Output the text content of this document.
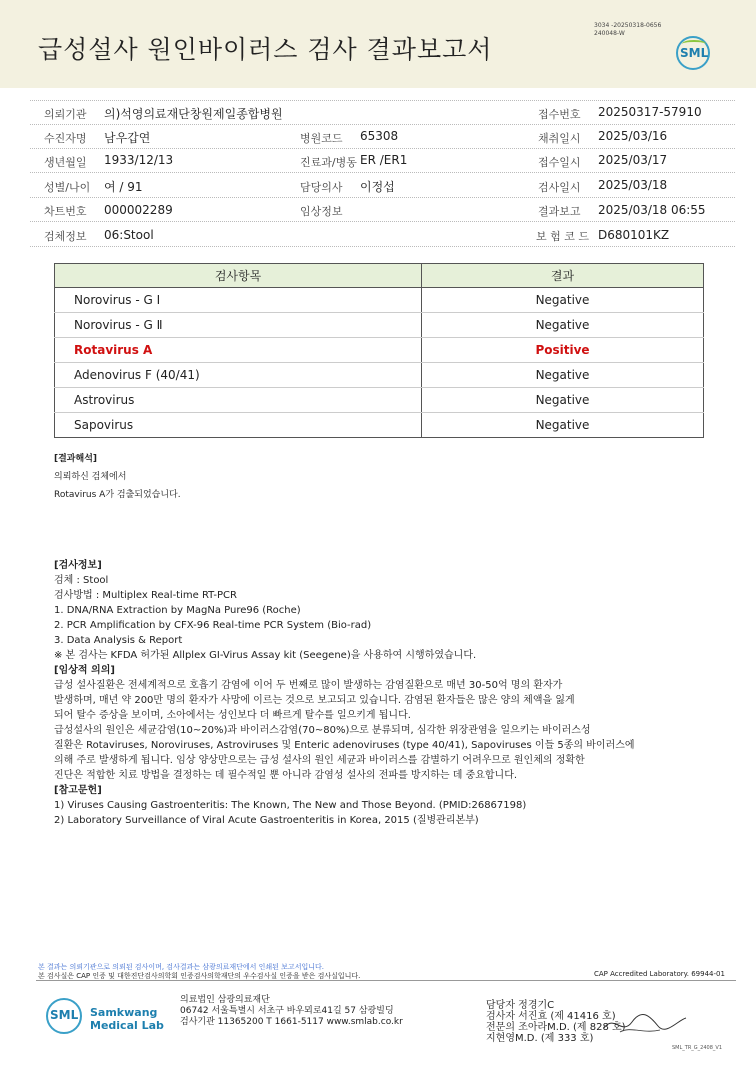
급성설사 원인바이러스 검사 결과보고서
3034 -20250318-0656
240048-W
SML
의뢰기관 의)석영의료재단창원제일종합병원	접수번호 20250317-57910
수진자명 남우갑연	병원코드 65308	채취일시 2025/03/16
생년월일 1933/12/13	진료과/병동 ER /ER1	접수일시 2025/03/17
성별/나이 여 / 91	담당의사 이정섭	검사일시 2025/03/18
차트번호 000002289	임상정보	결과보고 2025/03/18 06:55
검체정보 06:Stool	보 험 코 드 D680101KZ
검사항목	결과
Norovirus - G Ⅰ	Negative
Norovirus - G Ⅱ	Negative
Rotavirus A	Positive
Adenovirus F (40/41)	Negative
Astrovirus	Negative
Sapovirus	Negative
[결과해석]
의뢰하신 검체에서
Rotavirus A가 검출되었습니다.
[검사정보]
검체 : Stool
검사방법 : Multiplex Real-time RT-PCR
1. DNA/RNA Extraction by MagNa Pure96 (Roche)
2. PCR Amplification by CFX-96 Real-time PCR System (Bio-rad)
3. Data Analysis & Report
※ 본 검사는 KFDA 허가된 Allplex GI-Virus Assay kit (Seegene)을 사용하여 시행하였습니다.
[임상적 의의]
급성 설사질환은 전세계적으로 호흡기 감염에 이어 두 번째로 많이 발생하는 감염질환으로 매년 30-50억 명의 환자가
발생하며, 매년 약 200만 명의 환자가 사망에 이르는 것으로 보고되고 있습니다. 감염된 환자들은 많은 양의 체액을 잃게
되어 탈수 증상을 보이며, 소아에서는 성인보다 더 빠르게 탈수를 일으키게 됩니다.
급성설사의 원인은 세균감염(10~20%)과 바이러스감염(70~80%)으로 분류되며, 심각한 위장관염을 일으키는 바이러스성
질환은 Rotaviruses, Noroviruses, Astroviruses 및 Enteric adenoviruses (type 40/41), Sapoviruses 이들 5종의 바이러스에
의해 주로 발생하게 됩니다. 임상 양상만으로는 급성 설사의 원인 세균과 바이러스를 감별하기 어려우므로 원인체의 정확한
진단은 적합한 치료 방법을 결정하는 데 필수적일 뿐 아니라 감염성 설사의 전파를 방지하는 데 중요합니다.
[참고문헌]
1) Viruses Causing Gastroenteritis: The Known, The New and Those Beyond. (PMID:26867198)
2) Laboratory Surveillance of Viral Acute Gastroenteritis in Korea, 2015 (질병관리본부)
본 결과는 의뢰기관으로 의뢰된 검사이며, 검사결과는 삼광의료재단에서 인쇄된 보고서입니다.
본 검사실은 CAP 인증 및 대한진단검사의학회 인증검사의학재단의 우수검사실 인증을 받은 검사실입니다.	CAP Accredited Laboratory. 69944-01
SML Samkwang
Medical Lab
의료법인 삼광의료재단
06742 서울특별시 서초구 바우뫼로41길 57 삼광빌딩
검사기관 11365200 T 1661-5117 www.smlab.co.kr
담당자 정경기C
검사자 서진효 (제 41416 호)
전문의 조아라M.D. (제 828 호)
지현영M.D. (제 333 호)
SML_TR_G_2408_V1
